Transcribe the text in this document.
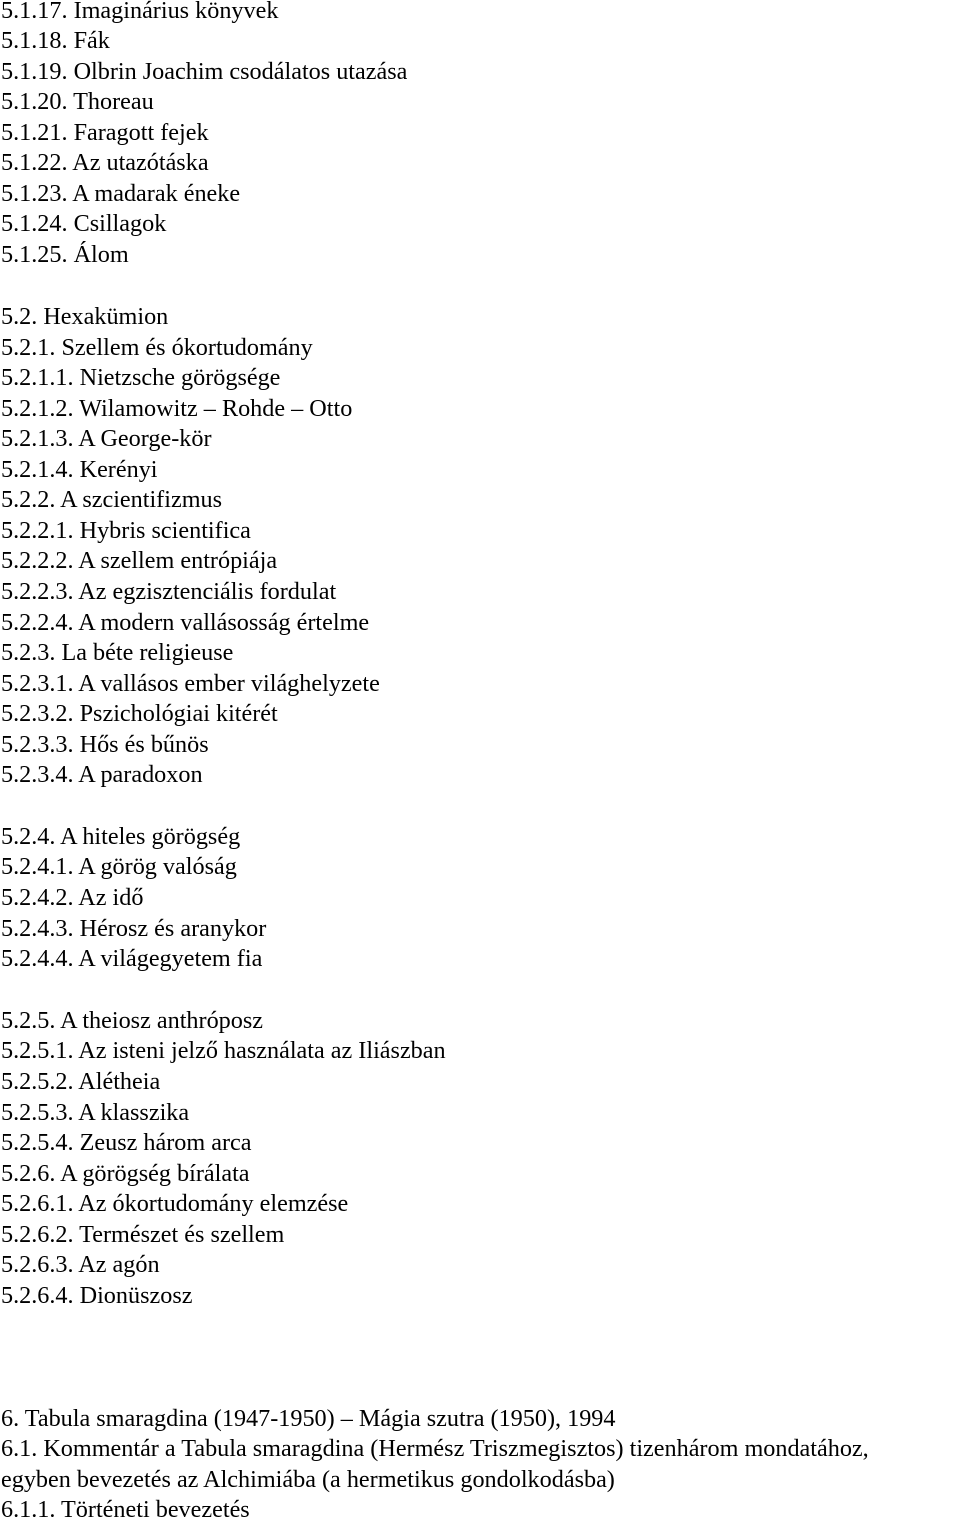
5.1.17. Imaginárius könyvek

5.1.18. Fák

5.1.19. Olbrin Joachim csodálatos utazása

5.1.20. Thoreau

5.1.21. Faragott fejek

5.1.22. Az utazótáska

5.1.23. A madarak éneke

5.1.24. Csillagok

5.1.25. Álom

5.2. Hexakümion

5.2.1. Szellem és ókortudomány

5.2.1.1. Nietzsche görögsége

5.2.1.2. Wilamowitz – Rohde – Otto

5.2.1.3. A George-kör

5.2.1.4. Kerényi

5.2.2. A szcientifizmus

5.2.2.1. Hybris scientifica

5.2.2.2. A szellem entrópiája

5.2.2.3. Az egzisztenciális fordulat

5.2.2.4. A modern vallásosság értelme

5.2.3. La béte religieuse

5.2.3.1. A vallásos ember világhelyzete

5.2.3.2. Pszichológiai kitérét

5.2.3.3. Hős és bűnös

5.2.3.4. A paradoxon

5.2.4. A hiteles görögség

5.2.4.1. A görög valóság

5.2.4.2. Az idő

5.2.4.3. Hérosz és aranykor

5.2.4.4. A világegyetem fia

5.2.5. A theiosz anthróposz

5.2.5.1. Az isteni jelző használata az Iliászban

5.2.5.2. Alétheia

5.2.5.3. A klasszika

5.2.5.4. Zeusz három arca

5.2.6. A görögség bírálata

5.2.6.1. Az ókortudomány elemzése

5.2.6.2. Természet és szellem

5.2.6.3. Az agón

5.2.6.4. Dionüszosz

6. Tabula smaragdina (1947-1950) – Mágia szutra (1950), 1994

6.1. Kommentár a Tabula smaragdina (Hermész Triszmegisztos) tizenhárom mondatához,

egyben bevezetés az Alchimiába (a hermetikus gondolkodásba)

6.1.1. Történeti bevezetés
